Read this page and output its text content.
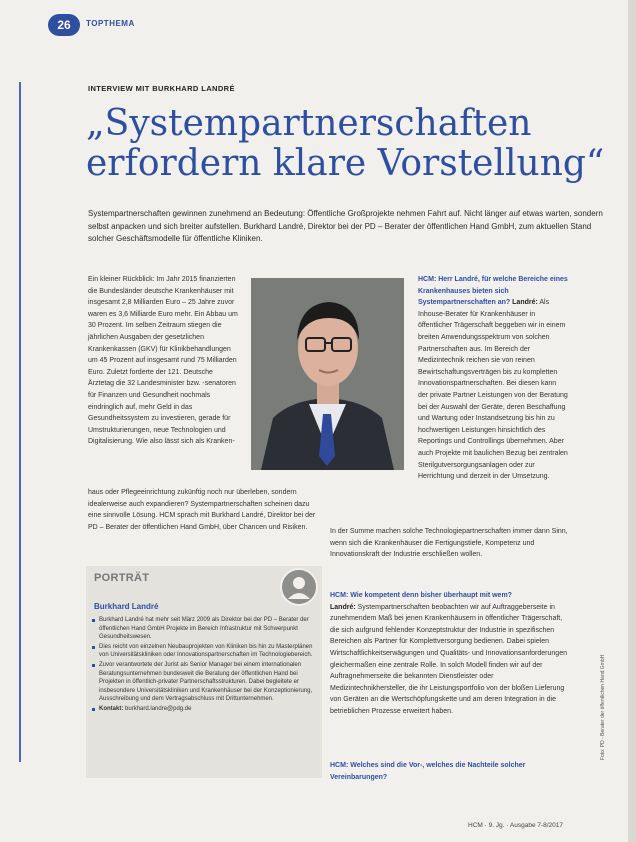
26	TOPTHEMA
INTERVIEW MIT BURKHARD LANDRÉ
„Systempartnerschaften erfordern klare Vorstellung“

Systempartnerschaften gewinnen zunehmend an Bedeutung: Öffentliche Großprojekte nehmen Fahrt auf. Nicht länger auf etwas warten, sondern selbst anpacken und sich breiter aufstellen. Burkhard Landré, Direktor bei der PD – Berater der öffentlichen Hand GmbH, zum aktuellen Stand solcher Geschäftsmodelle für öffentliche Kliniken.

Ein kleiner Rückblick: Im Jahr 2015 finanzierten die Bundesländer deutsche Krankenhäuser mit insgesamt 2,8 Milliarden Euro – 25 Jahre zuvor waren es 3,6 Milliarde Euro mehr. Ein Abbau um 30 Prozent. Im selben Zeitraum stiegen die jährlichen Ausgaben der gesetzlichen Krankenkassen (GKV) für Klinikbehandlungen um 45 Prozent auf insgesamt rund 75 Milliarden Euro. Zuletzt forderte der 121. Deutsche Ärztetag die 32 Landesminister bzw. -senatoren für Finanzen und Gesundheit nochmals eindringlich auf, mehr Geld in das Gesundheitssystem zu investieren, gerade für Umstrukturierungen, neue Technologien und Digitalisierung. Wie also lässt sich als Kranken-

HCM: Herr Landré, für welche Bereiche eines Krankenhauses bieten sich Systempartnerschaften an? Landré: Als Inhouse-Berater für Krankenhäuser in öffentlicher Trägerschaft beggeben wir in einem breiten Anwendungsspektrum von solchen Partnerschaften aus. Im Bereich der Medizintechnik reichen sie von reinen Bewirtschaftungsverträgen bis zu kompletten Innovationspartnerschaften. Bei diesen kann der private Partner Leistungen von der Beratung bei der Auswahl der Geräte, deren Beschaffung und Wartung oder Instandsetzung bis hin zu hochwertigen Leistungen hinsichtlich des Reportings und Controllings übernehmen. Aber auch Projekte mit baulichen Bezug bei zentralen Sterilgutversorgungsanlagen oder zur Herrichtung und derzeit in der Umsetzung.

haus oder Pflegeeinrichtung zukünftig noch nur überleben, sondern idealerweise auch expandieren? Systempartnerschaften scheinen dazu eine sinnvolle Lösung. HCM sprach mit Burkhard Landré, Direktor bei der PD – Berater der öffentlichen Hand GmbH, über Chancen und Risiken.

In der Summe machen solche Technologiepartnerschaften immer dann Sinn, wenn sich die Krankenhäuser die Fertigungstiefe, Kompetenz und Innovationskraft der Industrie erschließen wollen.

PORTRÄT
Burkhard Landré
Burkhard Landré hat mehr seit März 2009 als Direktor bei der PD – Berater der öffentlichen Hand GmbH Projekte im Bereich Infrastruktur mit Schwerpunkt Gesundheitswesen.
Dies reicht von einzelnen Neubauprojekten von Kliniken bis hin zu Masterplänen von Universitätskliniken oder Innovationspartnerschaften im Technologiebereich.
Zuvor verantwortete der Jurist als Senior Manager bei einem internationalen Beratungsunternehmen bundesweit die Beratung der öffentlichen Hand bei Projekten in öffentlich-privater Partnerschaftsstrukturen. Dabei begleitete er insbesondere Universitätskliniken und Krankenhäuser bei der Konzeptionierung, Ausschreibung und dem Vertragsabschluss mit Drittunternehmen.
Kontakt: burkhard.landre@pdg.de

HCM: Wie kompetent denn bisher überhaupt mit wem?
Landré: Systempartnerschaften beobachten wir auf Auftraggeberseite in zunehmendem Maß bei jenen Krankenhäusern in öffentlicher Trägerschaft, die sich aufgrund fehlender Konzeptstruktur der Industrie in spezifischen Bereichen als Partner für Komplettversorgung bedienen. Dabei spielen Wirtschaftlichkeitserwägungen und Qualitäts- und Innovationsanforderungen gleichermaßen eine zentrale Rolle. In solch Modell finden wir auf der Auftragnehmerseite die bekannten Dienstleister oder Medizintechnikhersteller, die ihr Leistungsportfolio von der bloßen Lieferung von Geräten an die Wertschöpfungskette und am deren Integration in die betrieblichen Prozesse erweitert haben.

HCM: Welches sind die Vor-, welches die Nachteile solcher Vereinbarungen?

HCM · 9. Jg. · Ausgabe 7-8/2017
Foto: PD - Berater der öffentlichen Hand GmbH
